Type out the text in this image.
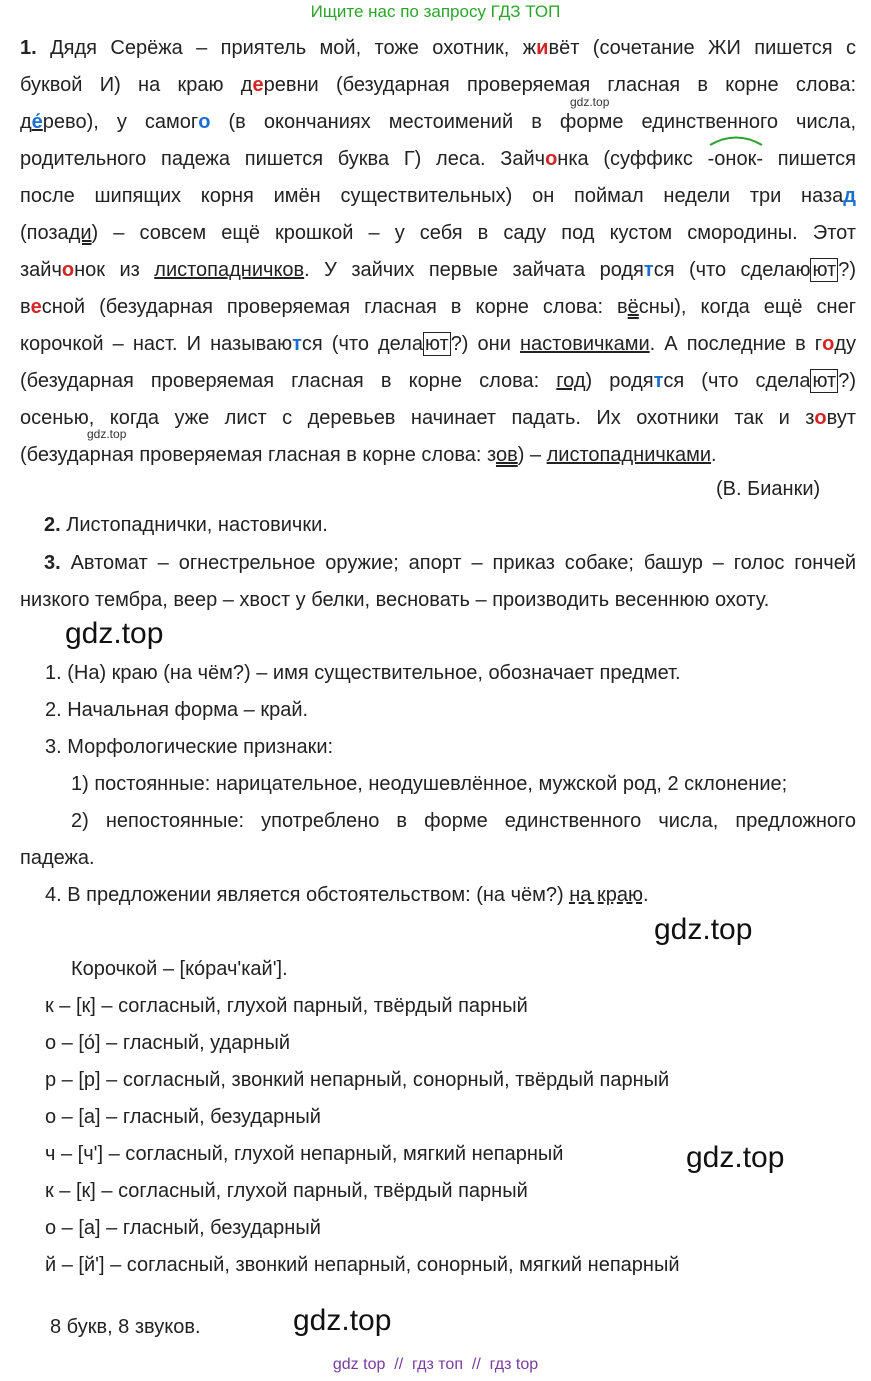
Ищите нас по запросу ГДЗ ТОП
1. Дядя Серёжа – приятель мой, тоже охотник, живёт (сочетание ЖИ пишется с
буквой И) на краю деревни (безударная проверяемая гласная в корне слова:
де́рево), у самого (в окончаниях местоимений в форме единственного числа,
родительного падежа пишется буква Г) леса. Зайчонка (суффикс -онок- пишется
после шипящих корня имён существительных) он поймал недели три назад
(позади) – совсем ещё крошкой – у себя в саду под кустом смородины. Этот
зайчонок из листопадничков. У зайчих первые зайчата родятся (что сделаю ют ?)
весной (безударная проверяемая гласная в корне слова: вёсны), когда ещё снег
корочкой – наст. И называются (что дела ют ?) они настовичками. А последние в году
(безударная проверяемая гласная в корне слова: год) родятся (что сдела ют ?)
осенью, когда уже лист с деревьев начинает падать. Их охотники так и зовут
(безударная проверяемая гласная в корне слова: зов) – листопадничками.
gdz.top
gdz.top
(В. Бианки)
2. Листопаднички, настовички.
3. Автомат – огнестрельное оружие; апорт – приказ собаке; башур – голос гончей
низкого тембра, веер – хвост у белки, весновать – производить весеннюю охоту.
gdz.top
1. (На) краю (на чём?) – имя существительное, обозначает предмет.
2. Начальная форма – край.
3. Морфологические признаки:
1) постоянные: нарицательное, неодушевлённое, мужской род, 2 склонение;
2) непостоянные: употреблено в форме единственного числа, предложного
падежа.
4. В предложении является обстоятельством: (на чём?) на краю.
gdz.top
Корочкой – [ко́рач'кай'].
к – [к] – согласный, глухой парный, твёрдый парный
о – [о́] – гласный, ударный
р – [р] – согласный, звонкий непарный, сонорный, твёрдый парный
о – [а] – гласный, безударный
ч – [ч'] – согласный, глухой непарный, мягкий непарный
к – [к] – согласный, глухой парный, твёрдый парный
о – [а] – гласный, безударный
й – [й'] – согласный, звонкий непарный, сонорный, мягкий непарный
gdz.top
8 букв, 8 звуков.	gdz.top
gdz top  //  гдз топ  //  гдз top
